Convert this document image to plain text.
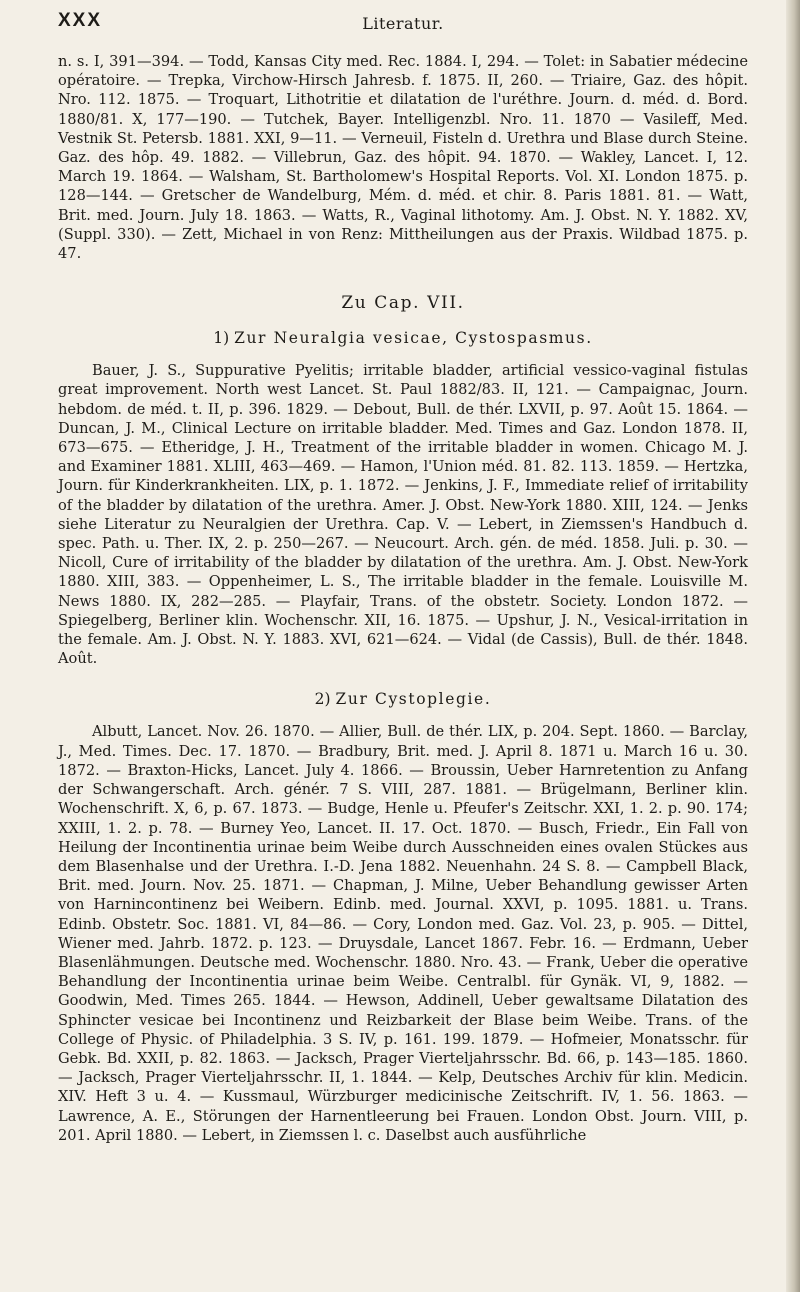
XXX	Literatur.

n. s. I, 391—394. — Todd, Kansas City med. Rec. 1884. I, 294. — Tolet: in Sabatier médecine opératoire. — Trepka, Virchow-Hirsch Jahresb. f. 1875. II, 260. — Triaire, Gaz. des hôpit. Nro. 112. 1875. — Troquart, Lithotritie et dilatation de l'uréthre. Journ. d. méd. d. Bord. 1880/81. X, 177—190. — Tutchek, Bayer. Intelligenzbl. Nro. 11. 1870 — Vasileff, Med. Vestnik St. Petersb. 1881. XXI, 9—11. — Verneuil, Fisteln d. Urethra und Blase durch Steine. Gaz. des hôp. 49. 1882. — Villebrun, Gaz. des hôpit. 94. 1870. — Wakley, Lancet. I, 12. March 19. 1864. — Walsham, St. Bartholomew's Hospital Reports. Vol. XI. London 1875. p. 128—144. — Gretscher de Wandelburg, Mém. d. méd. et chir. 8. Paris 1881. 81. — Watt, Brit. med. Journ. July 18. 1863. — Watts, R., Vaginal lithotomy. Am. J. Obst. N. Y. 1882. XV, (Suppl. 330). — Zett, Michael in von Renz: Mittheilungen aus der Praxis. Wildbad 1875. p. 47.

Zu Cap. VII.
1) Zur Neuralgia vesicae, Cystospasmus.

Bauer, J. S., Suppurative Pyelitis; irritable bladder, artificial vessico-vaginal fistulas great improvement. North west Lancet. St. Paul 1882/83. II, 121. — Campaignac, Journ. hebdom. de méd. t. II, p. 396. 1829. — Debout, Bull. de thér. LXVII, p. 97. Août 15. 1864. — Duncan, J. M., Clinical Lecture on irritable bladder. Med. Times and Gaz. London 1878. II, 673—675. — Etheridge, J. H., Treatment of the irritable bladder in women. Chicago M. J. and Examiner 1881. XLIII, 463—469. — Hamon, l'Union méd. 81. 82. 113. 1859. — Hertzka, Journ. für Kinderkrankheiten. LIX, p. 1. 1872. — Jenkins, J. F., Immediate relief of irritability of the bladder by dilatation of the urethra. Amer. J. Obst. New-York 1880. XIII, 124. — Jenks siehe Literatur zu Neuralgien der Urethra. Cap. V. — Lebert, in Ziemssen's Handbuch d. spec. Path. u. Ther. IX, 2. p. 250—267. — Neucourt. Arch. gén. de méd. 1858. Juli. p. 30. — Nicoll, Cure of irritability of the bladder by dilatation of the urethra. Am. J. Obst. New-York 1880. XIII, 383. — Oppenheimer, L. S., The irritable bladder in the female. Louisville M. News 1880. IX, 282—285. — Playfair, Trans. of the obstetr. Society. London 1872. — Spiegelberg, Berliner klin. Wochenschr. XII, 16. 1875. — Upshur, J. N., Vesical-irritation in the female. Am. J. Obst. N. Y. 1883. XVI, 621—624. — Vidal (de Cassis), Bull. de thér. 1848. Août.

2) Zur Cystoplegie.

Albutt, Lancet. Nov. 26. 1870. — Allier, Bull. de thér. LIX, p. 204. Sept. 1860. — Barclay, J., Med. Times. Dec. 17. 1870. — Bradbury, Brit. med. J. April 8. 1871 u. March 16 u. 30. 1872. — Braxton-Hicks, Lancet. July 4. 1866. — Broussin, Ueber Harnretention zu Anfang der Schwangerschaft. Arch. génér. 7 S. VIII, 287. 1881. — Brügelmann, Berliner klin. Wochenschrift. X, 6, p. 67. 1873. — Budge, Henle u. Pfeufer's Zeitschr. XXI, 1. 2. p. 90. 174; XXIII, 1. 2. p. 78. — Burney Yeo, Lancet. II. 17. Oct. 1870. — Busch, Friedr., Ein Fall von Heilung der Incontinentia urinae beim Weibe durch Ausschneiden eines ovalen Stückes aus dem Blasenhalse und der Urethra. I.-D. Jena 1882. Neuenhahn. 24 S. 8. — Campbell Black, Brit. med. Journ. Nov. 25. 1871. — Chapman, J. Milne, Ueber Behandlung gewisser Arten von Harnincontinenz bei Weibern. Edinb. med. Journal. XXVI, p. 1095. 1881. u. Trans. Edinb. Obstetr. Soc. 1881. VI, 84—86. — Cory, London med. Gaz. Vol. 23, p. 905. — Dittel, Wiener med. Jahrb. 1872. p. 123. — Druysdale, Lancet 1867. Febr. 16. — Erdmann, Ueber Blasenlähmungen. Deutsche med. Wochenschr. 1880. Nro. 43. — Frank, Ueber die operative Behandlung der Incontinentia urinae beim Weibe. Centralbl. für Gynäk. VI, 9, 1882. — Goodwin, Med. Times 265. 1844. — Hewson, Addinell, Ueber gewaltsame Dilatation des Sphincter vesicae bei Incontinenz und Reizbarkeit der Blase beim Weibe. Trans. of the College of Physic. of Philadelphia. 3 S. IV, p. 161. 199. 1879. — Hofmeier, Monatsschr. für Gebk. Bd. XXII, p. 82. 1863. — Jacksch, Prager Vierteljahrsschr. Bd. 66, p. 143—185. 1860. — Jacksch, Prager Vierteljahrsschr. II, 1. 1844. — Kelp, Deutsches Archiv für klin. Medicin. XIV. Heft 3 u. 4. — Kussmaul, Würzburger medicinische Zeitschrift. IV, 1. 56. 1863. — Lawrence, A. E., Störungen der Harnentleerung bei Frauen. London Obst. Journ. VIII, p. 201. April 1880. — Lebert, in Ziemssen l. c. Daselbst auch ausführliche
